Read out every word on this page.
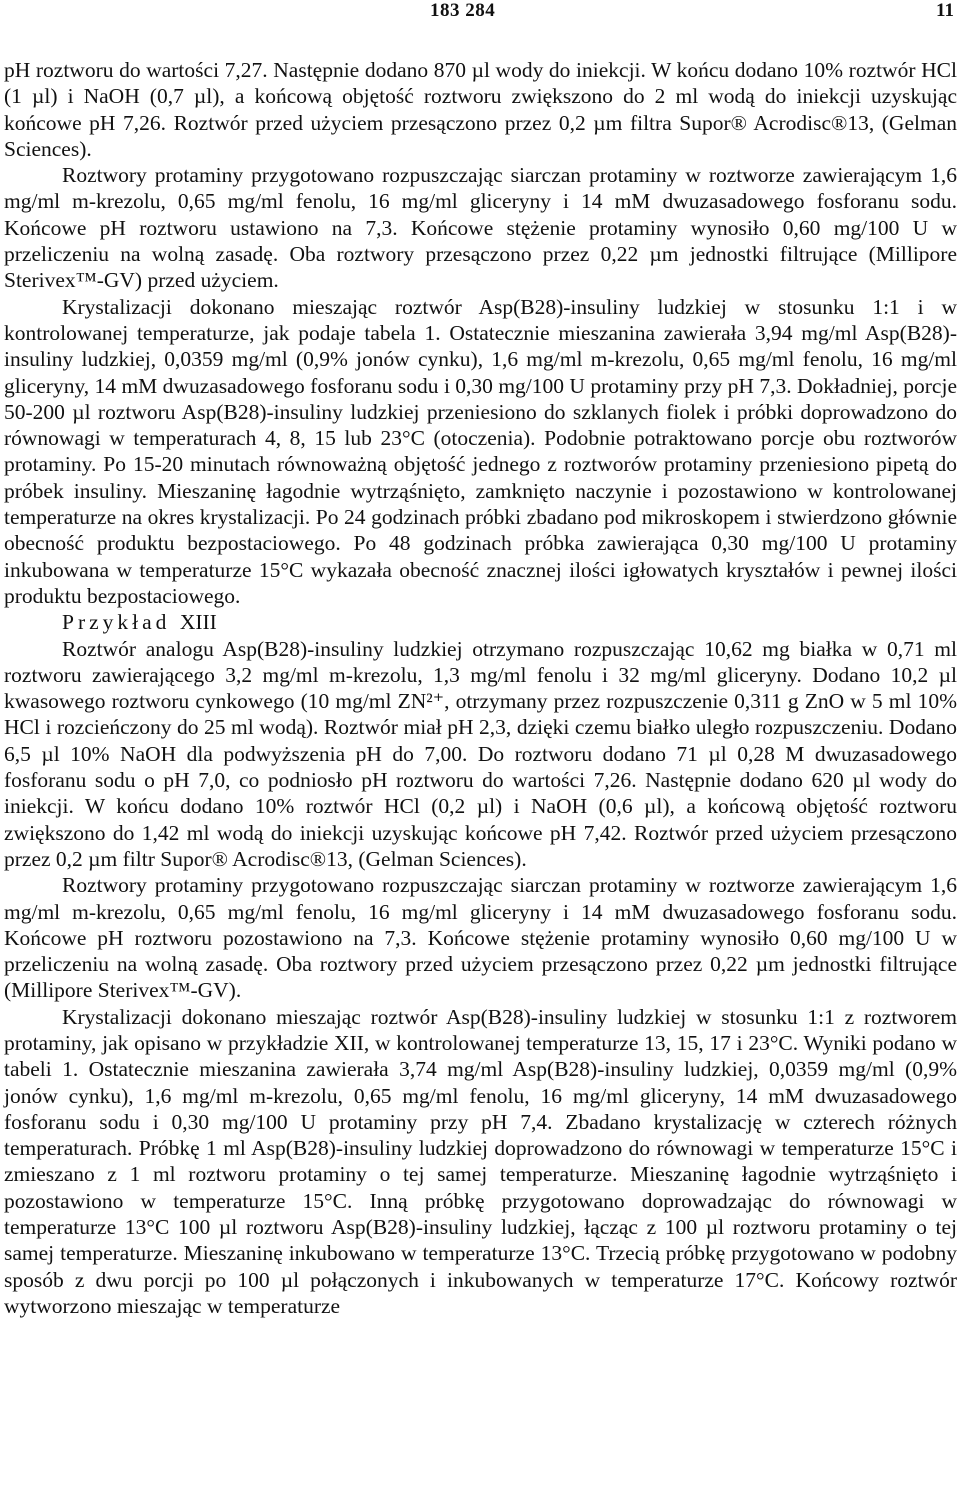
183 284	11

pH roztworu do wartości 7,27. Następnie dodano 870 µl wody do iniekcji. W końcu dodano 10% roztwór HCl (1 µl) i NaOH (0,7 µl), a końcową objętość roztworu zwiększono do 2 ml wodą do iniekcji uzyskując końcowe pH 7,26. Roztwór przed użyciem przesączono przez 0,2 µm filtra Supor® Acrodisc®13, (Gelman Sciences).

Roztwory protaminy przygotowano rozpuszczając siarczan protaminy w roztworze zawierającym 1,6 mg/ml m-krezolu, 0,65 mg/ml fenolu, 16 mg/ml gliceryny i 14 mM dwuzasadowego fosforanu sodu. Końcowe pH roztworu ustawiono na 7,3. Końcowe stężenie protaminy wynosiło 0,60 mg/100 U w przeliczeniu na wolną zasadę. Oba roztwory przesączono przez 0,22 µm jednostki filtrujące (Millipore Sterivex™-GV) przed użyciem.

Krystalizacji dokonano mieszając roztwór Asp(B28)-insuliny ludzkiej w stosunku 1:1 i w kontrolowanej temperaturze, jak podaje tabela 1. Ostatecznie mieszanina zawierała 3,94 mg/ml Asp(B28)-insuliny ludzkiej, 0,0359 mg/ml (0,9% jonów cynku), 1,6 mg/ml m-krezolu, 0,65 mg/ml fenolu, 16 mg/ml gliceryny, 14 mM dwuzasadowego fosforanu sodu i 0,30 mg/100 U protaminy przy pH 7,3. Dokładniej, porcje 50-200 µl roztworu Asp(B28)-insuliny ludzkiej przeniesiono do szklanych fiolek i próbki doprowadzono do równowagi w temperaturach 4, 8, 15 lub 23°C (otoczenia). Podobnie potraktowano porcje obu roztworów protaminy. Po 15-20 minutach równoważną objętość jednego z roztworów protaminy przeniesiono pipetą do próbek insuliny. Mieszaninę łagodnie wytrząśnięto, zamknięto naczynie i pozostawiono w kontrolowanej temperaturze na okres krystalizacji. Po 24 godzinach próbki zbadano pod mikroskopem i stwierdzono głównie obecność produktu bezpostaciowego. Po 48 godzinach próbka zawierająca 0,30 mg/100 U protaminy inkubowana w temperaturze 15°C wykazała obecność znacznej ilości igłowatych kryształów i pewnej ilości produktu bezpostaciowego.

Przykład XIII

Roztwór analogu Asp(B28)-insuliny ludzkiej otrzymano rozpuszczając 10,62 mg białka w 0,71 ml roztworu zawierającego 3,2 mg/ml m-krezolu, 1,3 mg/ml fenolu i 32 mg/ml gliceryny. Dodano 10,2 µl kwasowego roztworu cynkowego (10 mg/ml ZN²⁺, otrzymany przez rozpuszczenie 0,311 g ZnO w 5 ml 10% HCl i rozcieńczony do 25 ml wodą). Roztwór miał pH 2,3, dzięki czemu białko uległo rozpuszczeniu. Dodano 6,5 µl 10% NaOH dla podwyższenia pH do 7,00. Do roztworu dodano 71 µl 0,28 M dwuzasadowego fosforanu sodu o pH 7,0, co podniosło pH roztworu do wartości 7,26. Następnie dodano 620 µl wody do iniekcji. W końcu dodano 10% roztwór HCl (0,2 µl) i NaOH (0,6 µl), a końcową objętość roztworu zwiększono do 1,42 ml wodą do iniekcji uzyskując końcowe pH 7,42. Roztwór przed użyciem przesączono przez 0,2 µm filtr Supor® Acrodisc®13, (Gelman Sciences).

Roztwory protaminy przygotowano rozpuszczając siarczan protaminy w roztworze zawierającym 1,6 mg/ml m-krezolu, 0,65 mg/ml fenolu, 16 mg/ml gliceryny i 14 mM dwuzasadowego fosforanu sodu. Końcowe pH roztworu pozostawiono na 7,3. Końcowe stężenie protaminy wynosiło 0,60 mg/100 U w przeliczeniu na wolną zasadę. Oba roztwory przed użyciem przesączono przez 0,22 µm jednostki filtrujące (Millipore Sterivex™-GV).

Krystalizacji dokonano mieszając roztwór Asp(B28)-insuliny ludzkiej w stosunku 1:1 z roztworem protaminy, jak opisano w przykładzie XII, w kontrolowanej temperaturze 13, 15, 17 i 23°C. Wyniki podano w tabeli 1. Ostatecznie mieszanina zawierała 3,74 mg/ml Asp(B28)-insuliny ludzkiej, 0,0359 mg/ml (0,9% jonów cynku), 1,6 mg/ml m-krezolu, 0,65 mg/ml fenolu, 16 mg/ml gliceryny, 14 mM dwuzasadowego fosforanu sodu i 0,30 mg/100 U protaminy przy pH 7,4. Zbadano krystalizację w czterech różnych temperaturach. Próbkę 1 ml Asp(B28)-insuliny ludzkiej doprowadzono do równowagi w temperaturze 15°C i zmieszano z 1 ml roztworu protaminy o tej samej temperaturze. Mieszaninę łagodnie wytrząśnięto i pozostawiono w temperaturze 15°C. Inną próbkę przygotowano doprowadzając do równowagi w temperaturze 13°C 100 µl roztworu Asp(B28)-insuliny ludzkiej, łącząc z 100 µl roztworu protaminy o tej samej temperaturze. Mieszaninę inkubowano w temperaturze 13°C. Trzecią próbkę przygotowano w podobny sposób z dwu porcji po 100 µl połączonych i inkubowanych w temperaturze 17°C. Końcowy roztwór wytworzono mieszając w temperaturze
